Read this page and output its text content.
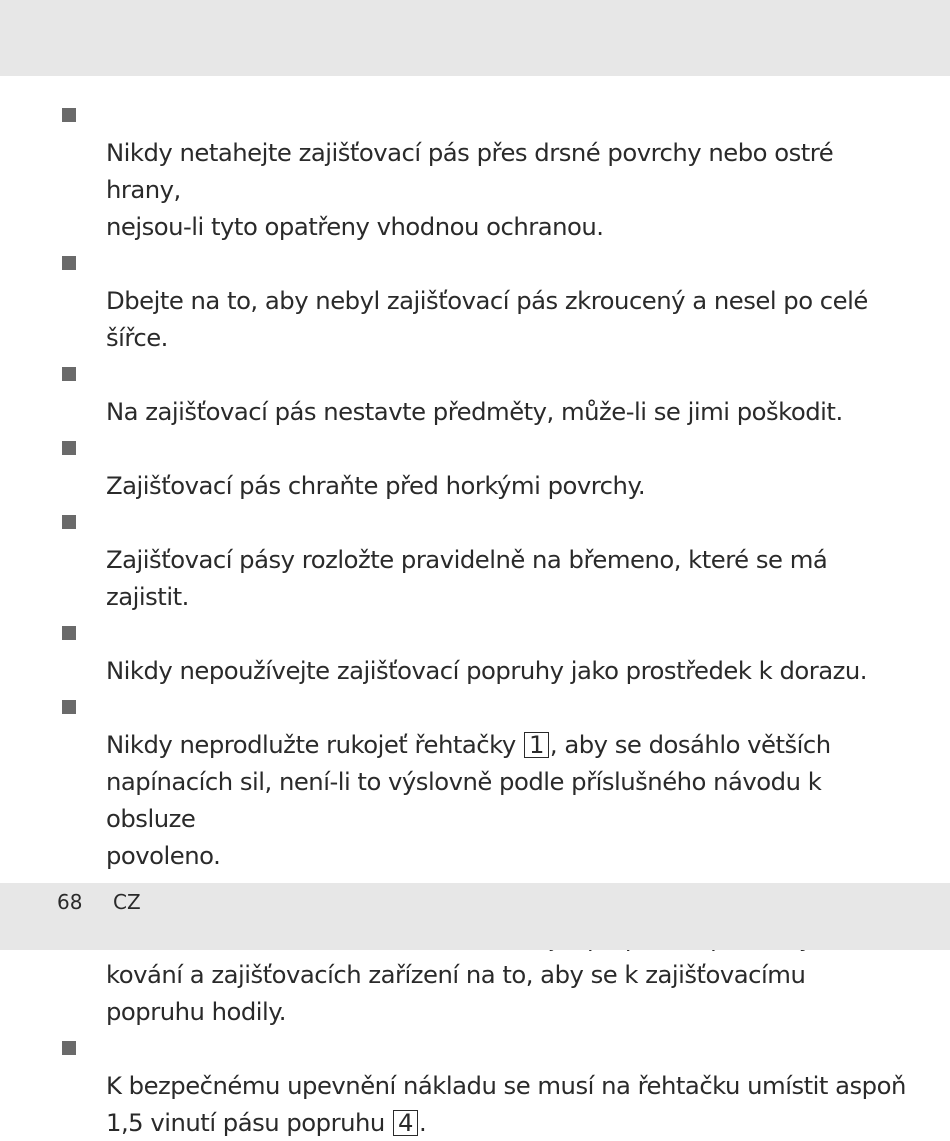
Nikdy netahejte zajišťovací pás přes drsné povrchy nebo ostré hrany,
nejsou-li tyto opatřeny vhodnou ochranou.

Dbejte na to, aby nebyl zajišťovací pás zkroucený a nesel po celé
šířce.

Na zajišťovací pás nestavte předměty, může-li se jimi poškodit.

Zajišťovací pás chraňte před horkými povrchy.

Zajišťovací pásy rozložte pravidelně na břemeno, které se má zajistit.

Nikdy nepoužívejte zajišťovací popruhy jako prostředek k dorazu.

Nikdy neprodlužte rukojeť řehtačky 1 , aby se dosáhlo větších
napínacích sil, není-li to výslovně podle příslušného návodu k obsluze
povoleno.

kování a zajišťovacích zařízení na to, aby se k zajišťovacímu
popruhu hodily.

K bezpečnému upevnění nákladu se musí na řehtačku umístit aspoň
1,5 vinutí pásu popruhu 4 .

68 CZ
